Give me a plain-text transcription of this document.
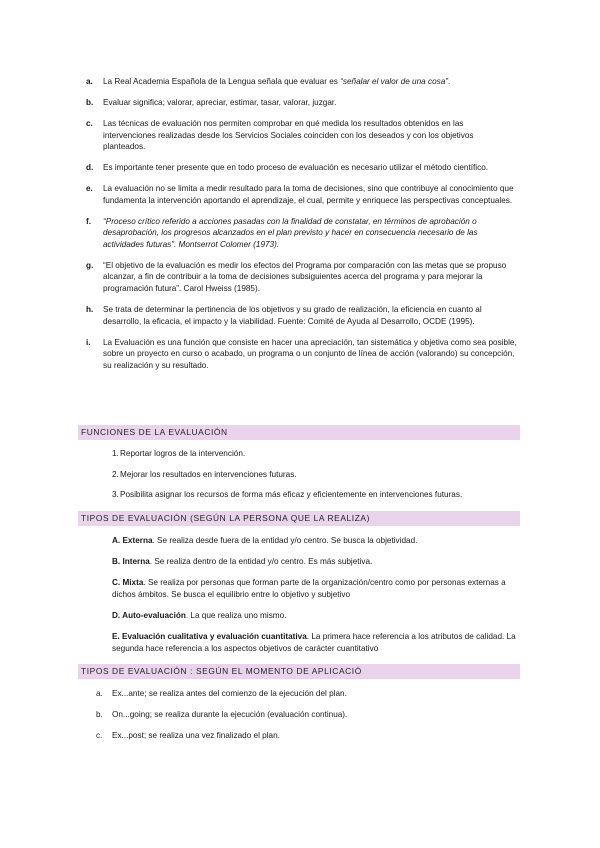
a.	La Real Academia Española de la Lengua señala que evaluar es “señalar el valor de una cosa”.
b.	Evaluar significa; valorar, apreciar, estimar, tasar, valorar, juzgar.
c.	Las técnicas de evaluación nos permiten comprobar en qué medida los resultados obtenidos en las intervenciones realizadas desde los Servicios Sociales coinciden con los deseados y con los objetivos planteados.
d.	Es importante tener presente que en todo proceso de evaluación es necesario utilizar el método científico.
e.	La evaluación no se limita a medir resultado para la toma de decisiones, sino que contribuye al conocimiento que fundamenta la intervención aportando el aprendizaje, el cual, permite y enriquece las perspectivas conceptuales.
f.	“Proceso crítico referido a acciones pasadas con la finalidad de constatar, en términos de aprobación o desaprobación, los progresos alcanzados en el plan previsto y hacer en consecuencia necesario de las actividades futuras”. Montserrot Colomer (1973).
g.	“El objetivo de la evaluación es medir los efectos del Programa por comparación con las metas que se propuso alcanzar, a fin de contribuir a la toma de decisiones subsiguientes acerca del programa y para mejorar la programación futura”. Carol Hweiss (1985).
h.	Se trata de determinar la pertinencia de los objetivos y su grado de realización, la eficiencia en cuanto al desarrollo, la eficacia, el impacto y la viabilidad. Fuente: Comité de Ayuda al Desarrollo, OCDE (1995).
i.	La Evaluación es una función que consiste en hacer una apreciación, tan sistemática y objetiva como sea posible, sobre un proyecto en curso o acabado, un programa o un conjunto de línea de acción (valorando) su concepción, su realización y su resultado.
FUNCIONES DE LA EVALUACIÓN
1. Reportar logros de la intervención.
2. Mejorar los resultados en intervenciones futuras.
3. Posibilita asignar los recursos de forma más eficaz y eficientemente en intervenciones futuras.
TIPOS DE EVALUACIÓN (SEGÚN LA PERSONA QUE LA REALIZA)
A. Externa. Se realiza desde fuera de la entidad y/o centro. Se busca la objetividad.
B. Interna. Se realiza dentro de la entidad y/o centro. Es más subjetiva.
C. Mixta. Se realiza por personas que forman parte de la organización/centro como por personas externas a dichos ámbitos. Se busca el equilibrio entre lo objetivo y subjetivo
D. Auto-evaluación. La que realiza uno mismo.
E. Evaluación cualitativa y evaluación cuantitativa. La primera hace referencia a los atributos de calidad. La segunda hace referencia a los aspectos objetivos de carácter cuantitativo
TIPOS DE EVALUACIÓN : SEGÚN EL MOMENTO DE APLICACIÓ
a.	Ex...ante; se realiza antes del comienzo de la ejecución del plan.
b.	On...going; se realiza durante la ejecución (evaluación continua).
c.	Ex...post; se realiza una vez finalizado el plan.
